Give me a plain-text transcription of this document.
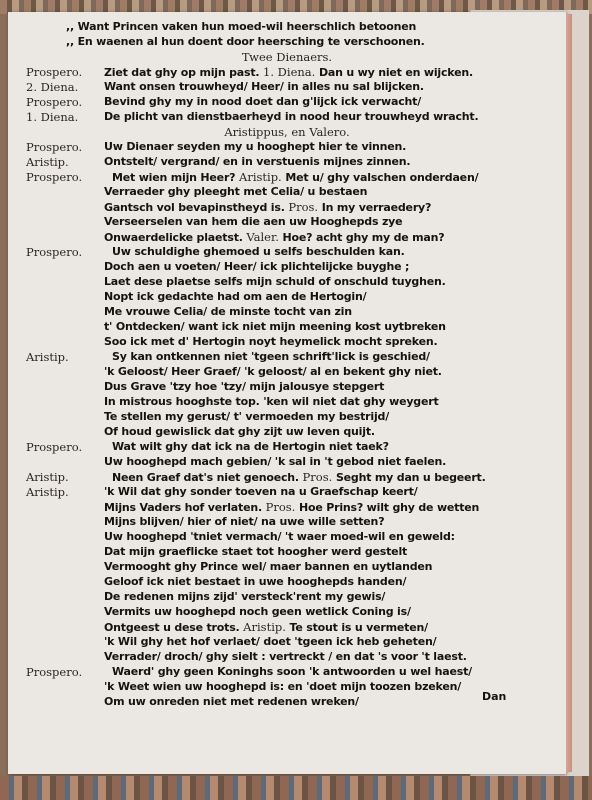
,, Want Princen vaken hun moed-wil heerschlich betoonen
,, En waenen al hun doent door heersching te verschoonen.
Twee Dienaers.
Prospero. Ziet dat ghy op mijn past. 1. Diena. Dan u wy niet en wijcken.
2. Diena. Want onsen trouwheyd/ Heer/ in alles nu sal blijcken.
Prospero. Bevind ghy my in nood doet dan g'lijck ick verwacht/
1. Diena. De plicht van dienstbaerheyd in nood heur trouwheyd wracht.
Aristippus, en Valero.
Prospero. Uw Dienaer seyden my u hooghept hier te vinnen.
Aristip.	Ontstelt/ vergrand/ en in verstuenis mijnes zinnen.
Prospero.	Met wien mijn Heer? Aristip. Met u/ ghy valschen onderdaen/
Verraeder ghy pleeght met Celia/ u bestaen
Gantsch vol bevapinstheyd is. Pros. In my verraedery?
Verseerselen van hem die aen uw Hooghepds zye
Onwaerdelicke plaetst. Valer. Hoe? acht ghy my de man?
Prospero.	Uw schuldighe ghemoed u selfs beschulden kan.
Doch aen u voeten/ Heer/ ick plichtelijcke buyghe ;
Laet dese plaetse selfs mijn schuld of onschuld tuyghen.
Nopt ick gedachte had om aen de Hertogin/
Me vrouwe Celia/ de minste tocht van zin
t' Ontdecken/ want ick niet mijn meening kost uytbreken
Soo ick met d' Hertogin noyt heymelick mocht spreken.
Aristip.	Sy kan ontkennen niet 'tgeen schrift'lick is geschied/
'k Geloost/ Heer Graef/ 'k geloost/ al en bekent ghy niet.
Dus Grave 'tzy hoe 'tzy/ mijn jalousye stepgert
In mistrous hooghste top. 'ken wil niet dat ghy weygert
Te stellen my gerust/ t' vermoeden my bestrijd/
Of houd gewislick dat ghy zijt uw leven quijt.
Prospero.	Wat wilt ghy dat ick na de Hertogin niet taek?
Uw hooghepd mach gebien/ 'k sal in 't gebod niet faelen.
Aristip.	Neen Graef dat's niet genoech. Pros. Seght my dan u begeert.
Aristip.	'k Wil dat ghy sonder toeven na u Graefschap keert/
Mijns Vaders hof verlaten. Pros. Hoe Prins? wilt ghy de wetten
Mijns blijven/ hier of niet/ na uwe wille setten?
Uw hooghepd 'tniet vermach/ 't waer moed-wil en geweld:
Dat mijn graeflicke staet tot hoogher werd gestelt
Vermooght ghy Prince wel/ maer bannen en uytlanden
Geloof ick niet bestaet in uwe hooghepds handen/
De redenen mijns zijd' versteck'rent my gewis/
Vermits uw hooghepd noch geen wetlick Coning is/
Ontgeest u dese trots. Aristip. Te stout is u vermeten/
'k Wil ghy het hof verlaet/ doet 'tgeen ick heb geheten/
Verrader/ droch/ ghy sielt : vertreckt / en dat 's voor 't laest.
Prospero.	Waerd' ghy geen Koninghs soon 'k antwoorden u wel haest/
'k Weet wien uw hooghepd is: en 'doet mijn toozen bzeken/
Om uw onreden niet met redenen wreken/	Dan
